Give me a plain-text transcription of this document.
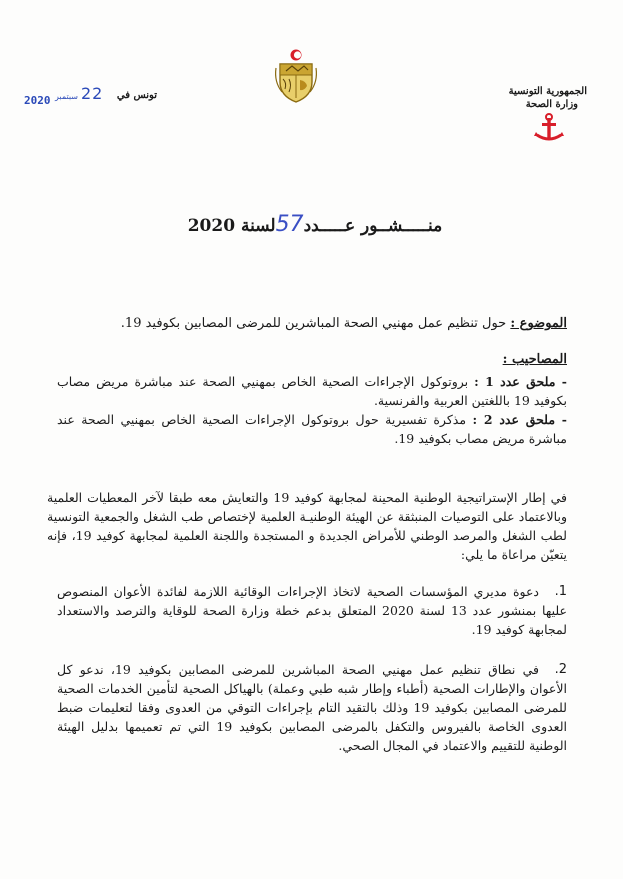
الجمهورية التونسية
وزارة الصحة
تونس في
22
سبتمبر
2020
منـــــشــور عـــــدد57لسنة 2020
الموضوع : حول تنظيم عمل مهنيي الصحة المباشرين للمرضى المصابين بكوفيد 19.
المصاحيب :
- ملحق عدد 1 : بروتوكول الإجراءات الصحية الخاص بمهنيي الصحة عند مباشرة مريض مصاب بكوفيد 19 باللغتين العربية والفرنسية.
- ملحق عدد 2 : مذكرة تفسيرية حول بروتوكول الإجراءات الصحية الخاص بمهنيي الصحة عند مباشرة مريض مصاب بكوفيد 19.
في إطار الإستراتيجية الوطنية المحينة لمجابهة كوفيد 19 والتعايش معه طبقا لآخر المعطيات العلمية وبالاعتماد على التوصيات المنبثقة عن الهيئة الوطنيـة العلمية لإختصاص طب الشغل والجمعية التونسية لطب الشغل والمرصد الوطني للأمراض الجديدة و المستجدة واللجنة العلمية لمجابهة كوفيد 19، فإنه يتعيّن مراعاة ما يلي:
1.
دعوة مديري المؤسسات الصحية لاتخاذ الإجراءات الوقائية اللازمة لفائدة الأعوان المنصوص عليها بمنشور عدد 13 لسنة 2020 المتعلق بدعم خطة وزارة الصحة للوقاية والترصد والاستعداد لمجابهة كوفيد 19.
2.
في نطاق تنظيم عمل مهنيي الصحة المباشرين للمرضى المصابين بكوفيد 19، ندعو كل الأعوان والإطارات الصحية (أطباء وإطار شبه طبي وعملة) بالهياكل الصحية لتأمين الخدمات الصحية للمرضى المصابين بكوفيد 19 وذلك بالتقيد التام بإجراءات التوقي من العدوى وفقا لتعليمات ضبط العدوى الخاصة بالفيروس والتكفل بالمرضى المصابين بكوفيد 19 التي تم تعميمها بدليل الهيئة الوطنية للتقييم والاعتماد في المجال الصحي.
